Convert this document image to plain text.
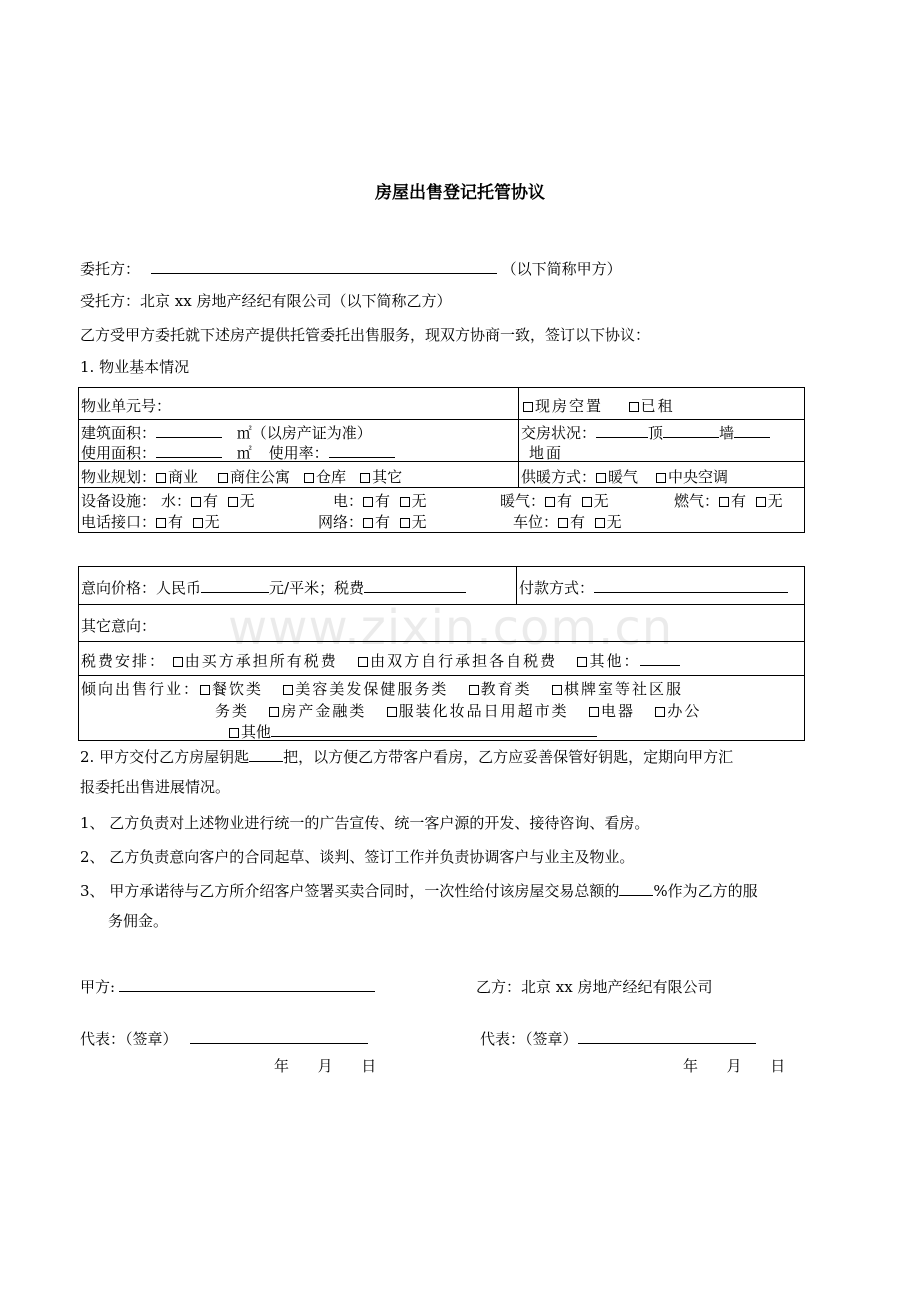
www.zixin.com.cn
房屋出售登记托管协议
委托方：	（以下简称甲方）
受托方：北京 xx 房地产经纪有限公司（以下简称乙方）
乙方受甲方委托就下述房产提供托管委托出售服务，现双方协商一致，签订以下协议：
1. 物业基本情况
物业单元号：	现房空置	已租
建筑面积：	㎡（以房产证为准）
使用面积：	㎡ 使用率：
交房状况：	顶	墙
地面
物业规划： 商业 商住公寓 仓库 其它	供暖方式： 暖气 中央空调
设备设施： 水： 有 无	电： 有 无	暖气： 有 无	燃气： 有 无
电话接口： 有 无	网络： 有 无	车位： 有 无
意向价格：人民币	元/平米；税费	付款方式：
其它意向：
税费安排： 由买方承担所有税费 由双方自行承担各自税费 其他：
倾向出售行业： 餐饮类 美容美发保健服务类 教育类 棋牌室等社区服
务类 房产金融类 服装化妆品日用超市类 电器 办公
其他
2. 甲方交付乙方房屋钥匙 把，以方便乙方带客户看房，乙方应妥善保管好钥匙，定期向甲方汇
报委托出售进展情况。
1、 乙方负责对上述物业进行统一的广告宣传、统一客户源的开发、接待咨询、看房。
2、 乙方负责意向客户的合同起草、谈判、签订工作并负责协调客户与业主及物业。
3、 甲方承诺待与乙方所介绍客户签署买卖合同时，一次性给付该房屋交易总额的 %作为乙方的服
务佣金。
甲方:	乙方：北京 xx 房地产经纪有限公司
代表：（签章）	代表：（签章）
年      月      日	年      月      日
